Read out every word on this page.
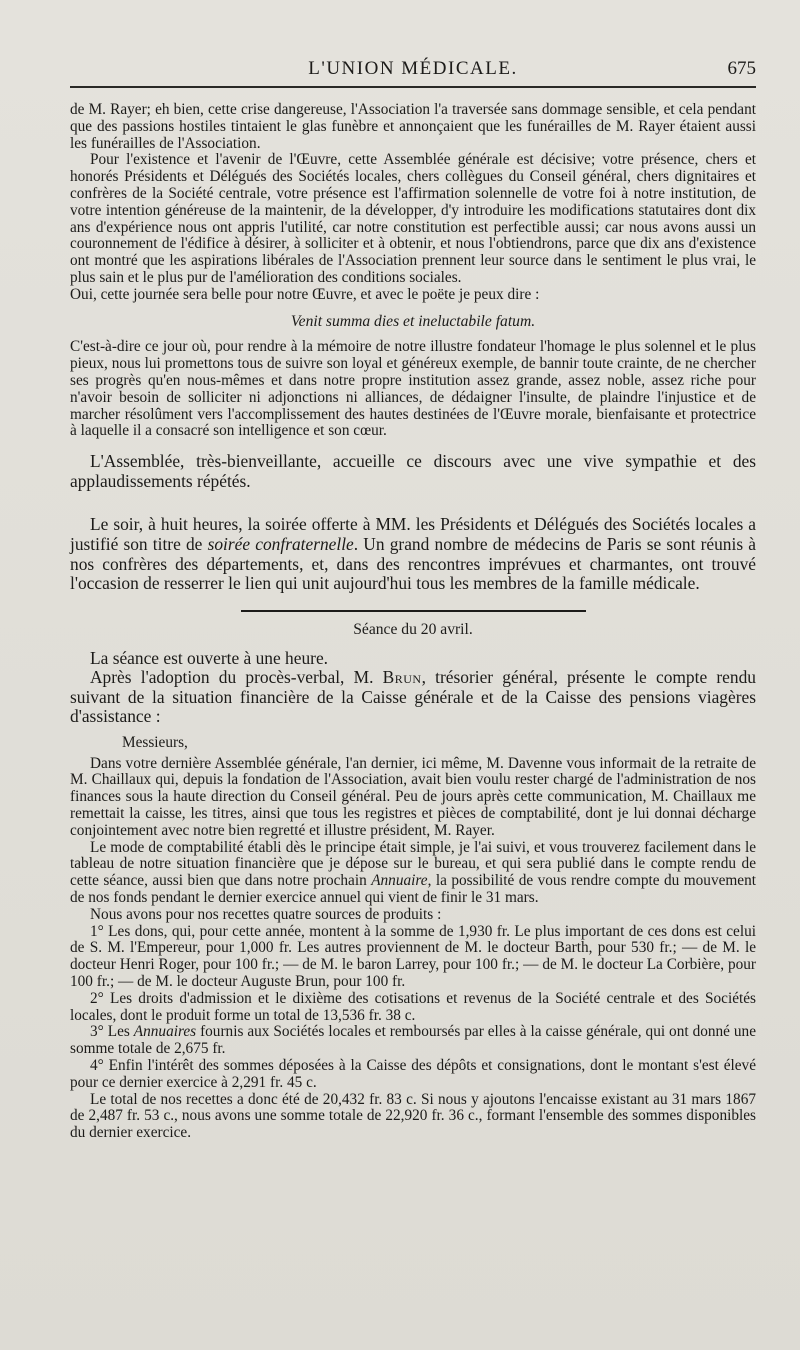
L'UNION MÉDICALE.	675

de M. Rayer; eh bien, cette crise dangereuse, l'Association l'a traversée sans dommage sensible, et cela pendant que des passions hostiles tintaient le glas funèbre et annonçaient que les funérailles de M. Rayer étaient aussi les funérailles de l'Association.

Pour l'existence et l'avenir de l'Œuvre, cette Assemblée générale est décisive; votre présence, chers et honorés Présidents et Délégués des Sociétés locales, chers collègues du Conseil général, chers dignitaires et confrères de la Société centrale, votre présence est l'affirmation solennelle de votre foi à notre institution, de votre intention généreuse de la maintenir, de la développer, d'y introduire les modifications statutaires dont dix ans d'expérience nous ont appris l'utilité, car notre constitution est perfectible aussi; car nous avons aussi un couronnement de l'édifice à désirer, à solliciter et à obtenir, et nous l'obtiendrons, parce que dix ans d'existence ont montré que les aspirations libérales de l'Association prennent leur source dans le sentiment le plus vrai, le plus sain et le plus pur de l'amélioration des conditions sociales.

Oui, cette journée sera belle pour notre Œuvre, et avec le poëte je peux dire :

Venit summa dies et ineluctabile fatum.

C'est-à-dire ce jour où, pour rendre à la mémoire de notre illustre fondateur l'homage le plus solennel et le plus pieux, nous lui promettons tous de suivre son loyal et généreux exemple, de bannir toute crainte, de ne chercher ses progrès qu'en nous-mêmes et dans notre propre institution assez grande, assez noble, assez riche pour n'avoir besoin de solliciter ni adjonctions ni alliances, de dédaigner l'insulte, de plaindre l'injustice et de marcher résolûment vers l'accomplissement des hautes destinées de l'Œuvre morale, bienfaisante et protectrice à laquelle il a consacré son intelligence et son cœur.

L'Assemblée, très-bienveillante, accueille ce discours avec une vive sympathie et des applaudissements répétés.

Le soir, à huit heures, la soirée offerte à MM. les Présidents et Délégués des Sociétés locales a justifié son titre de soirée confraternelle. Un grand nombre de médecins de Paris se sont réunis à nos confrères des départements, et, dans des rencontres imprévues et charmantes, ont trouvé l'occasion de resserrer le lien qui unit aujourd'hui tous les membres de la famille médicale.

Séance du 20 avril.

La séance est ouverte à une heure.

Après l'adoption du procès-verbal, M. Brun, trésorier général, présente le compte rendu suivant de la situation financière de la Caisse générale et de la Caisse des pensions viagères d'assistance :

Messieurs,

Dans votre dernière Assemblée générale, l'an dernier, ici même, M. Davenne vous informait de la retraite de M. Chaillaux qui, depuis la fondation de l'Association, avait bien voulu rester chargé de l'administration de nos finances sous la haute direction du Conseil général. Peu de jours après cette communication, M. Chaillaux me remettait la caisse, les titres, ainsi que tous les registres et pièces de comptabilité, dont je lui donnai décharge conjointement avec notre bien regretté et illustre président, M. Rayer.

Le mode de comptabilité établi dès le principe était simple, je l'ai suivi, et vous trouverez facilement dans le tableau de notre situation financière que je dépose sur le bureau, et qui sera publié dans le compte rendu de cette séance, aussi bien que dans notre prochain Annuaire, la possibilité de vous rendre compte du mouvement de nos fonds pendant le dernier exercice annuel qui vient de finir le 31 mars.

Nous avons pour nos recettes quatre sources de produits :

1° Les dons, qui, pour cette année, montent à la somme de 1,930 fr. Le plus important de ces dons est celui de S. M. l'Empereur, pour 1,000 fr. Les autres proviennent de M. le docteur Barth, pour 530 fr.; — de M. le docteur Henri Roger, pour 100 fr.; — de M. le baron Larrey, pour 100 fr.; — de M. le docteur La Corbière, pour 100 fr.; — de M. le docteur Auguste Brun, pour 100 fr.

2° Les droits d'admission et le dixième des cotisations et revenus de la Société centrale et des Sociétés locales, dont le produit forme un total de 13,536 fr. 38 c.

3° Les Annuaires fournis aux Sociétés locales et remboursés par elles à la caisse générale, qui ont donné une somme totale de 2,675 fr.

4° Enfin l'intérêt des sommes déposées à la Caisse des dépôts et consignations, dont le montant s'est élevé pour ce dernier exercice à 2,291 fr. 45 c.

Le total de nos recettes a donc été de 20,432 fr. 83 c. Si nous y ajoutons l'encaisse existant au 31 mars 1867 de 2,487 fr. 53 c., nous avons une somme totale de 22,920 fr. 36 c., formant l'ensemble des sommes disponibles du dernier exercice.
